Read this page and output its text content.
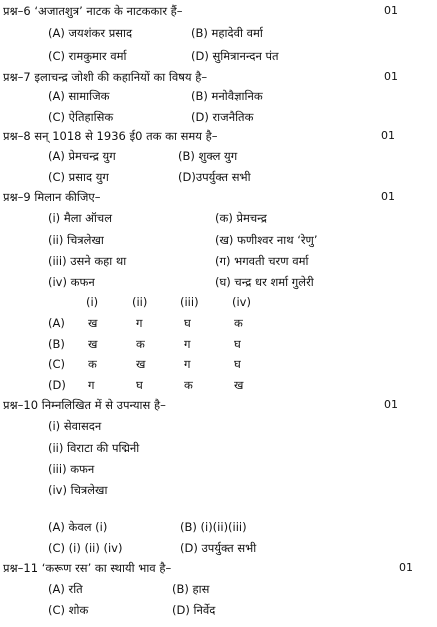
प्रश्न–6 ‘अजातशुत्र’ नाटक के नाटककार हैं–	01
(A) जयशंकर प्रसाद	(B) महादेवी वर्मा
(C) रामकुमार वर्मा	(D) सुमित्रानन्दन पंत
प्रश्न–7 इलाचन्द्र जोशी की कहानियों का विषय है–	01
(A) सामाजिक	(B) मनोवैज्ञानिक
(C) ऐतिहासिक	(D) राजनैतिक
प्रश्न–8 सन् 1018 से 1936 ई0 तक का समय है–	01
(A) प्रेमचन्द्र युग	(B) शुक्ल युग
(C) प्रसाद युग	(D)उपर्युक्त सभी
प्रश्न–9 मिलान कीजिए–	01
(i) मैला ऑचल	(क) प्रेमचन्द्र
(ii) चित्रलेखा	(ख) फणीश्वर नाथ ‘रेणु’
(iii) उसने कहा था	(ग) भगवती चरण वर्मा
(iv) कफन	(घ) चन्द्र धर शर्मा गुलेरी
(i)	(ii)	(iii)	(iv)
(A) ख	ग	घ	क
(B) ख	क	ग	घ
(C) क	ख	ग	घ
(D) ग	घ	क	ख
प्रश्न–10 निम्नलिखित में से उपन्यास है–	01
(i) सेवासदन
(ii) विराटा की पद्मिनी
(iii) कफन
(iv) चित्रलेखा
(A) केवल (i)	(B) (i)(ii)(iii)
(C) (i) (ii) (iv)	(D) उपर्युक्त सभी
प्रश्न–11 ‘करूण रस’ का स्थायी भाव है–	01
(A) रति	(B) हास
(C) शोक	(D) निर्वेद
